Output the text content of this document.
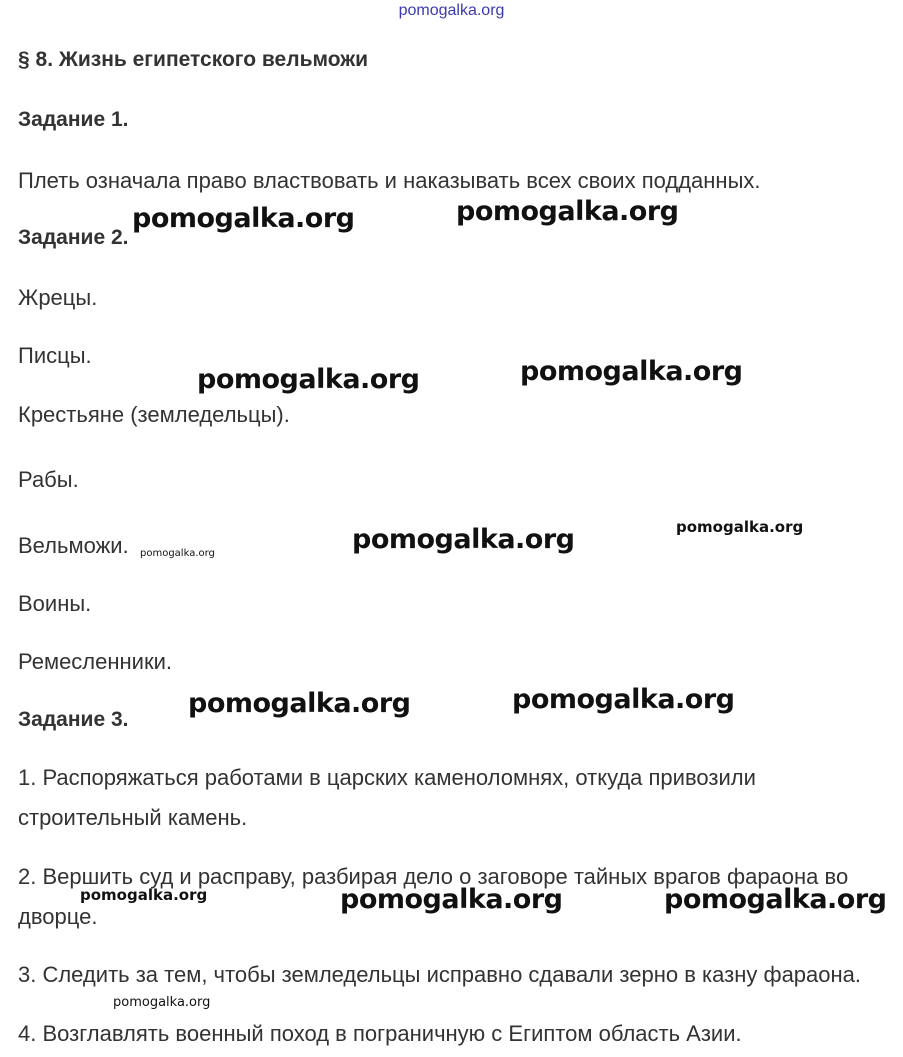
pomogalka.org
§ 8. Жизнь египетского вельможи
Задание 1.
Плеть означала право властвовать и наказывать всех своих подданных.
Задание 2.
Жрецы.
Писцы.
Крестьяне (земледельцы).
Рабы.
Вельможи.
Воины.
Ремесленники.
Задание 3.
1. Распоряжаться работами в царских каменоломнях, откуда привозили строительный камень.
2. Вершить суд и расправу, разбирая дело о заговоре тайных врагов фараона во дворце.
3. Следить за тем, чтобы земледельцы исправно сдавали зерно в казну фараона.
4. Возглавлять военный поход в пограничную с Египтом область Азии.
pomogalka.org	pomogalka.org
pomogalka.org	pomogalka.org
pomogalka.org
pomogalka.org	pomogalka.org
pomogalka.org	pomogalka.org
pomogalka.org	pomogalka.org	pomogalka.org
pomogalka.org
